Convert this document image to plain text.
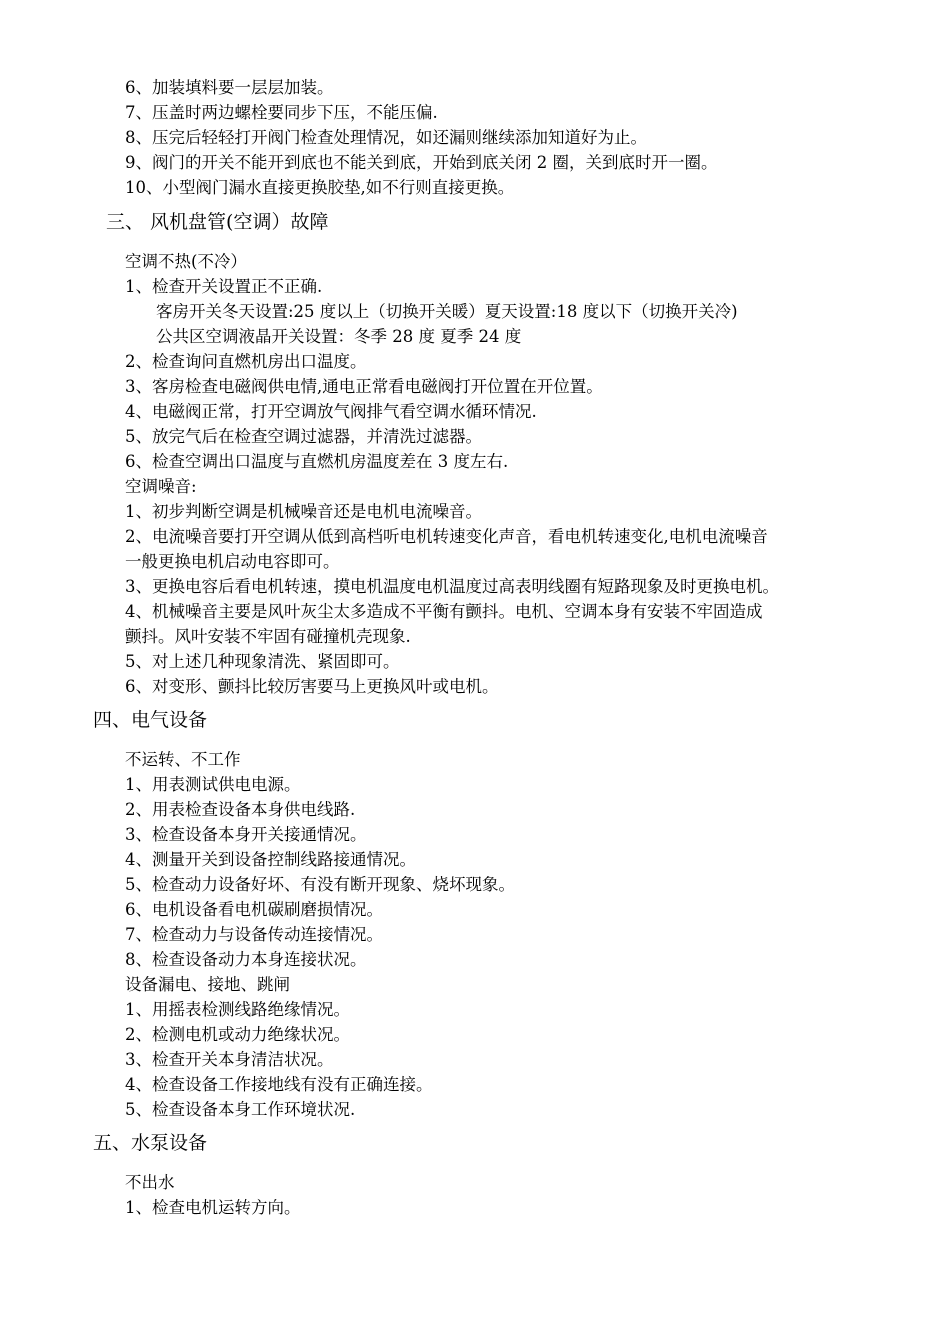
6、加装填料要一层层加装。
7、压盖时两边螺栓要同步下压，不能压偏.
8、压完后轻轻打开阀门检查处理情况，如还漏则继续添加知道好为止。
9、阀门的开关不能开到底也不能关到底，开始到底关闭 2 圈，关到底时开一圈。
10、小型阀门漏水直接更换胶垫,如不行则直接更换。
三、 风机盘管(空调）故障
空调不热(不冷）
1、检查开关设置正不正确.
客房开关冬天设置:25 度以上（切换开关暖）夏天设置:18 度以下（切换开关冷)
公共区空调液晶开关设置：冬季 28 度 夏季 24 度
2、检查询问直燃机房出口温度。
3、客房检查电磁阀供电情,通电正常看电磁阀打开位置在开位置。
4、电磁阀正常，打开空调放气阀排气看空调水循环情况.
5、放完气后在检查空调过滤器，并清洗过滤器。
6、检查空调出口温度与直燃机房温度差在 3 度左右.
空调噪音:
1、初步判断空调是机械噪音还是电机电流噪音。
2、电流噪音要打开空调从低到高档听电机转速变化声音，看电机转速变化,电机电流噪音
一般更换电机启动电容即可。
3、更换电容后看电机转速，摸电机温度电机温度过高表明线圈有短路现象及时更换电机。
4、机械噪音主要是风叶灰尘太多造成不平衡有颤抖。电机、空调本身有安装不牢固造成
颤抖。风叶安装不牢固有碰撞机壳现象.
5、对上述几种现象清洗、紧固即可。
6、对变形、颤抖比较厉害要马上更换风叶或电机。
四、电气设备
不运转、不工作
1、用表测试供电电源。
2、用表检查设备本身供电线路.
3、检查设备本身开关接通情况。
4、测量开关到设备控制线路接通情况。
5、检查动力设备好坏、有没有断开现象、烧坏现象。
6、电机设备看电机碳刷磨损情况。
7、检查动力与设备传动连接情况。
8、检查设备动力本身连接状况。
设备漏电、接地、跳闸
1、用摇表检测线路绝缘情况。
2、检测电机或动力绝缘状况。
3、检查开关本身清洁状况。
4、检查设备工作接地线有没有正确连接。
5、检查设备本身工作环境状况.
五、水泵设备
不出水
1、检查电机运转方向。
